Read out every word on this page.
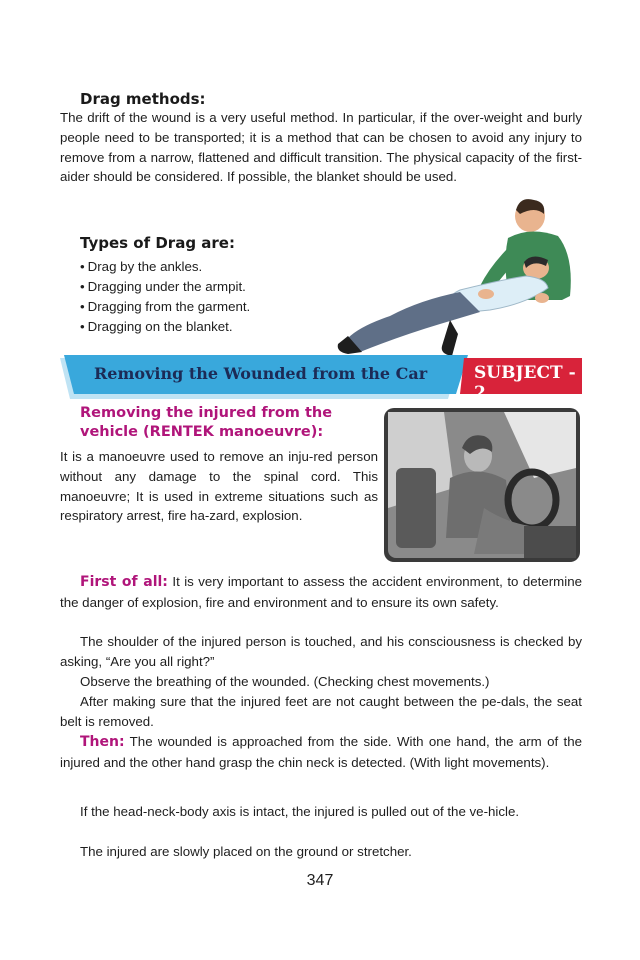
Drag methods:
The drift of the wound is a very useful method. In particular, if the over-weight and burly people need to be transported; it is a method that can be chosen to avoid any injury to remove from a narrow, flattened and difficult transition. The physical capacity of the first-aider should be considered. If possible, the blanket should be used.
Types of Drag are:
• Drag by the ankles.
• Dragging under the armpit.
• Dragging from the garment.
• Dragging on the blanket.
Removing the Wounded from the Car	SUBJECT - 2
Removing the injured from the
vehicle (RENTEK manoeuvre):
It is a manoeuvre used to remove an inju-red person without any damage to the spinal cord. This manoeuvre; It is used in extreme situations such as respiratory arrest, fire ha-zard, explosion.
First of all: It is very important to assess the accident environment, to determine the danger of explosion, fire and environment and to ensure its own safety.
The shoulder of the injured person is touched, and his consciousness is checked by asking, “Are you all right?”
Observe the breathing of the wounded. (Checking chest movements.)
After making sure that the injured feet are not caught between the pe-dals, the seat belt is removed.
Then: The wounded is approached from the side. With one hand, the arm of the injured and the other hand grasp the chin neck is detected. (With light movements).
If the head-neck-body axis is intact, the injured is pulled out of the ve-hicle.
The injured are slowly placed on the ground or stretcher.
347
